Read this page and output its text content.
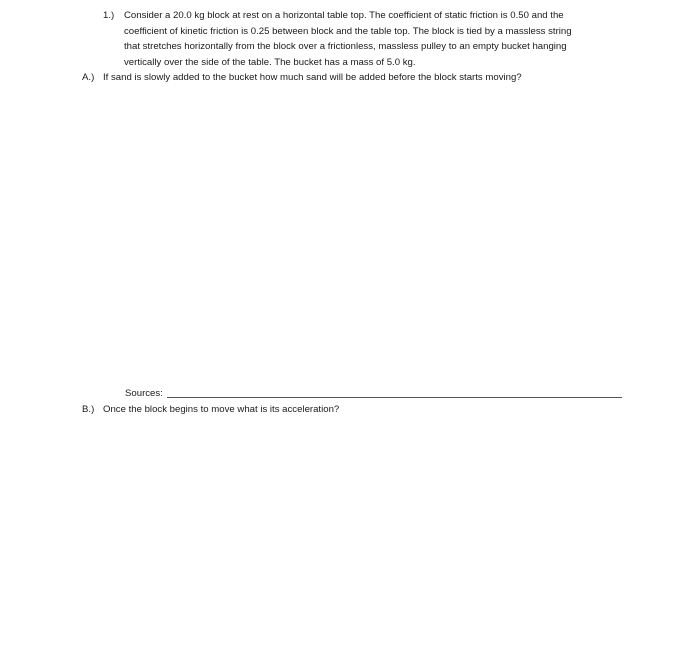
1.) Consider a 20.0 kg block at rest on a horizontal table top. The coefficient of static friction is 0.50 and the
coefficient of kinetic friction is 0.25 between block and the table top. The block is tied by a massless string
that stretches horizontally from the block over a frictionless, massless pulley to an empty bucket hanging
vertically over the side of the table. The bucket has a mass of 5.0 kg.
A.) If sand is slowly added to the bucket how much sand will be added before the block starts moving?
Sources:
B.) Once the block begins to move what is its acceleration?
